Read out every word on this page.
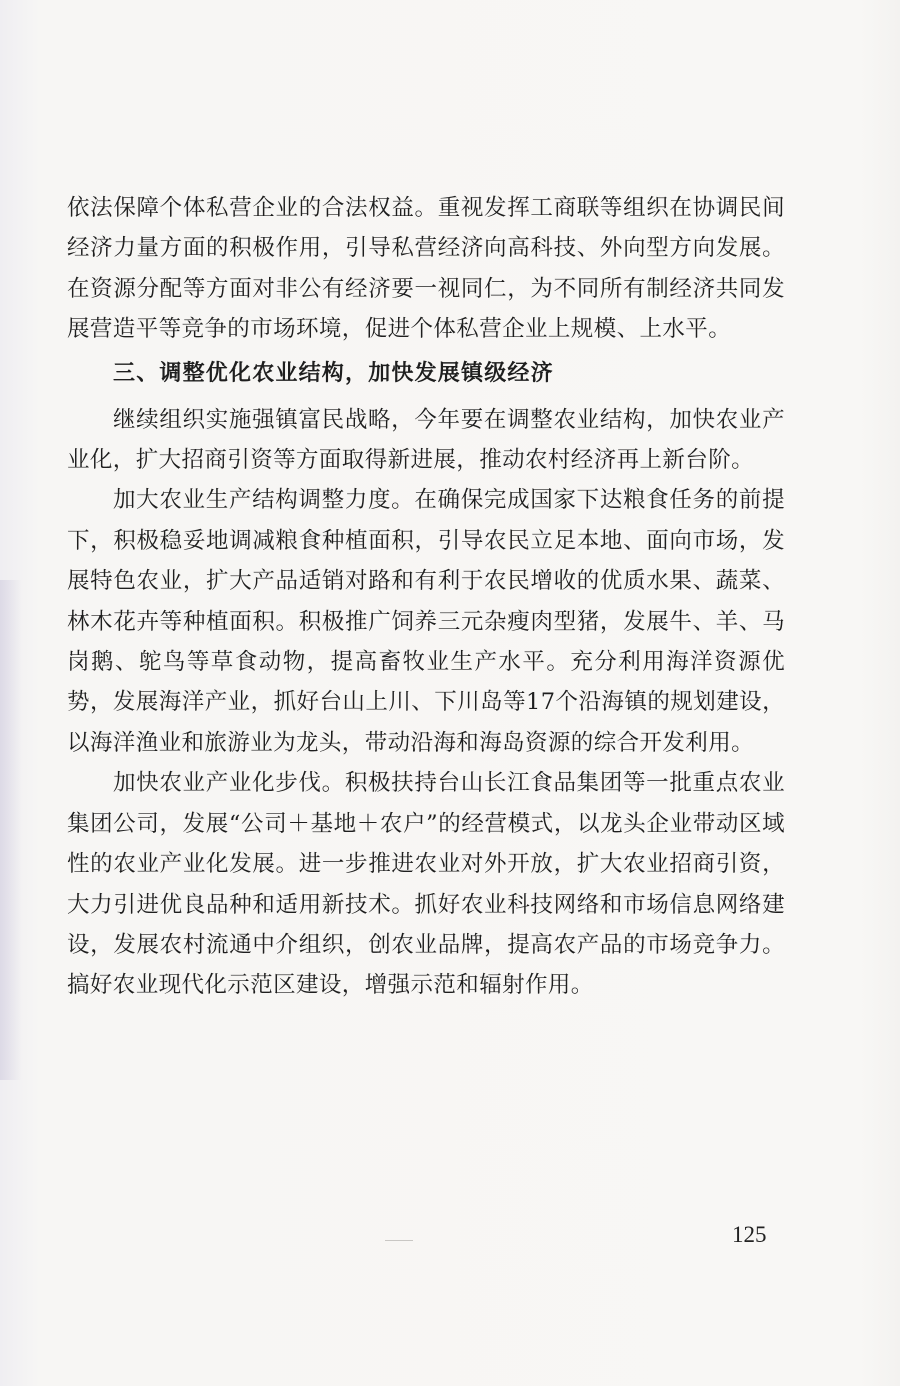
依法保障个体私营企业的合法权益。重视发挥工商联等组织在协调民间经济力量方面的积极作用，引导私营经济向高科技、外向型方向发展。在资源分配等方面对非公有经济要一视同仁，为不同所有制经济共同发展营造平等竞争的市场环境，促进个体私营企业上规模、上水平。

三、调整优化农业结构，加快发展镇级经济

继续组织实施强镇富民战略，今年要在调整农业结构，加快农业产业化，扩大招商引资等方面取得新进展，推动农村经济再上新台阶。

加大农业生产结构调整力度。在确保完成国家下达粮食任务的前提下，积极稳妥地调减粮食种植面积，引导农民立足本地、面向市场，发展特色农业，扩大产品适销对路和有利于农民增收的优质水果、蔬菜、林木花卉等种植面积。积极推广饲养三元杂瘦肉型猪，发展牛、羊、马岗鹅、鸵鸟等草食动物，提高畜牧业生产水平。充分利用海洋资源优势，发展海洋产业，抓好台山上川、下川岛等17个沿海镇的规划建设，以海洋渔业和旅游业为龙头，带动沿海和海岛资源的综合开发利用。

加快农业产业化步伐。积极扶持台山长江食品集团等一批重点农业集团公司，发展“公司＋基地＋农户”的经营模式，以龙头企业带动区域性的农业产业化发展。进一步推进农业对外开放，扩大农业招商引资，大力引进优良品种和适用新技术。抓好农业科技网络和市场信息网络建设，发展农村流通中介组织，创农业品牌，提高农产品的市场竞争力。搞好农业现代化示范区建设，增强示范和辐射作用。

125
